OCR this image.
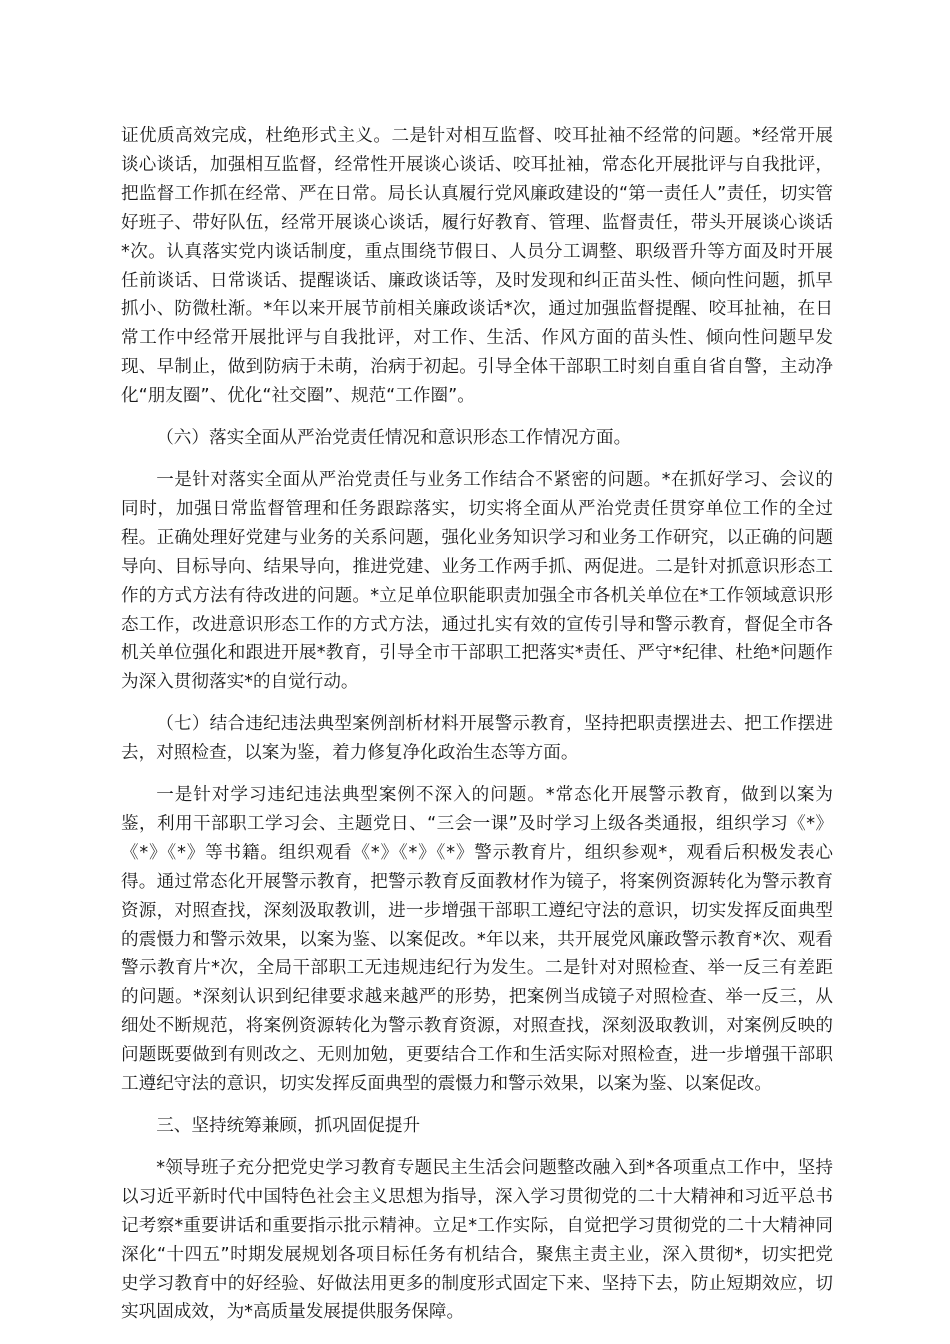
证优质高效完成，杜绝形式主义。二是针对相互监督、咬耳扯袖不经常的问题。*经常开展谈心谈话，加强相互监督，经常性开展谈心谈话、咬耳扯袖，常态化开展批评与自我批评，把监督工作抓在经常、严在日常。局长认真履行党风廉政建设的“第一责任人”责任，切实管好班子、带好队伍，经常开展谈心谈话，履行好教育、管理、监督责任，带头开展谈心谈话*次。认真落实党内谈话制度，重点围绕节假日、人员分工调整、职级晋升等方面及时开展任前谈话、日常谈话、提醒谈话、廉政谈话等，及时发现和纠正苗头性、倾向性问题，抓早抓小、防微杜渐。*年以来开展节前相关廉政谈话*次，通过加强监督提醒、咬耳扯袖，在日常工作中经常开展批评与自我批评，对工作、生活、作风方面的苗头性、倾向性问题早发现、早制止，做到防病于未萌，治病于初起。引导全体干部职工时刻自重自省自警，主动净化“朋友圈”、优化“社交圈”、规范“工作圈”。

（六）落实全面从严治党责任情况和意识形态工作情况方面。

一是针对落实全面从严治党责任与业务工作结合不紧密的问题。*在抓好学习、会议的同时，加强日常监督管理和任务跟踪落实，切实将全面从严治党责任贯穿单位工作的全过程。正确处理好党建与业务的关系问题，强化业务知识学习和业务工作研究，以正确的问题导向、目标导向、结果导向，推进党建、业务工作两手抓、两促进。二是针对抓意识形态工作的方式方法有待改进的问题。*立足单位职能职责加强全市各机关单位在*工作领域意识形态工作，改进意识形态工作的方式方法，通过扎实有效的宣传引导和警示教育，督促全市各机关单位强化和跟进开展*教育，引导全市干部职工把落实*责任、严守*纪律、杜绝*问题作为深入贯彻落实*的自觉行动。

（七）结合违纪违法典型案例剖析材料开展警示教育，坚持把职责摆进去、把工作摆进去，对照检查，以案为鉴，着力修复净化政治生态等方面。

一是针对学习违纪违法典型案例不深入的问题。*常态化开展警示教育，做到以案为鉴，利用干部职工学习会、主题党日、“三会一课”及时学习上级各类通报，组织学习《*》《*》《*》等书籍。组织观看《*》《*》《*》警示教育片，组织参观*，观看后积极发表心得。通过常态化开展警示教育，把警示教育反面教材作为镜子，将案例资源转化为警示教育资源，对照查找，深刻汲取教训，进一步增强干部职工遵纪守法的意识，切实发挥反面典型的震慑力和警示效果，以案为鉴、以案促改。*年以来，共开展党风廉政警示教育*次、观看警示教育片*次，全局干部职工无违规违纪行为发生。二是针对对照检查、举一反三有差距的问题。*深刻认识到纪律要求越来越严的形势，把案例当成镜子对照检查、举一反三，从细处不断规范，将案例资源转化为警示教育资源，对照查找，深刻汲取教训，对案例反映的问题既要做到有则改之、无则加勉，更要结合工作和生活实际对照检查，进一步增强干部职工遵纪守法的意识，切实发挥反面典型的震慑力和警示效果，以案为鉴、以案促改。

三、坚持统筹兼顾，抓巩固促提升

*领导班子充分把党史学习教育专题民主生活会问题整改融入到*各项重点工作中，坚持以习近平新时代中国特色社会主义思想为指导，深入学习贯彻党的二十大精神和习近平总书记考察*重要讲话和重要指示批示精神。立足*工作实际，自觉把学习贯彻党的二十大精神同深化“十四五”时期发展规划各项目标任务有机结合，聚焦主责主业，深入贯彻*，切实把党史学习教育中的好经验、好做法用更多的制度形式固定下来、坚持下去，防止短期效应，切实巩固成效，为*高质量发展提供服务保障。
